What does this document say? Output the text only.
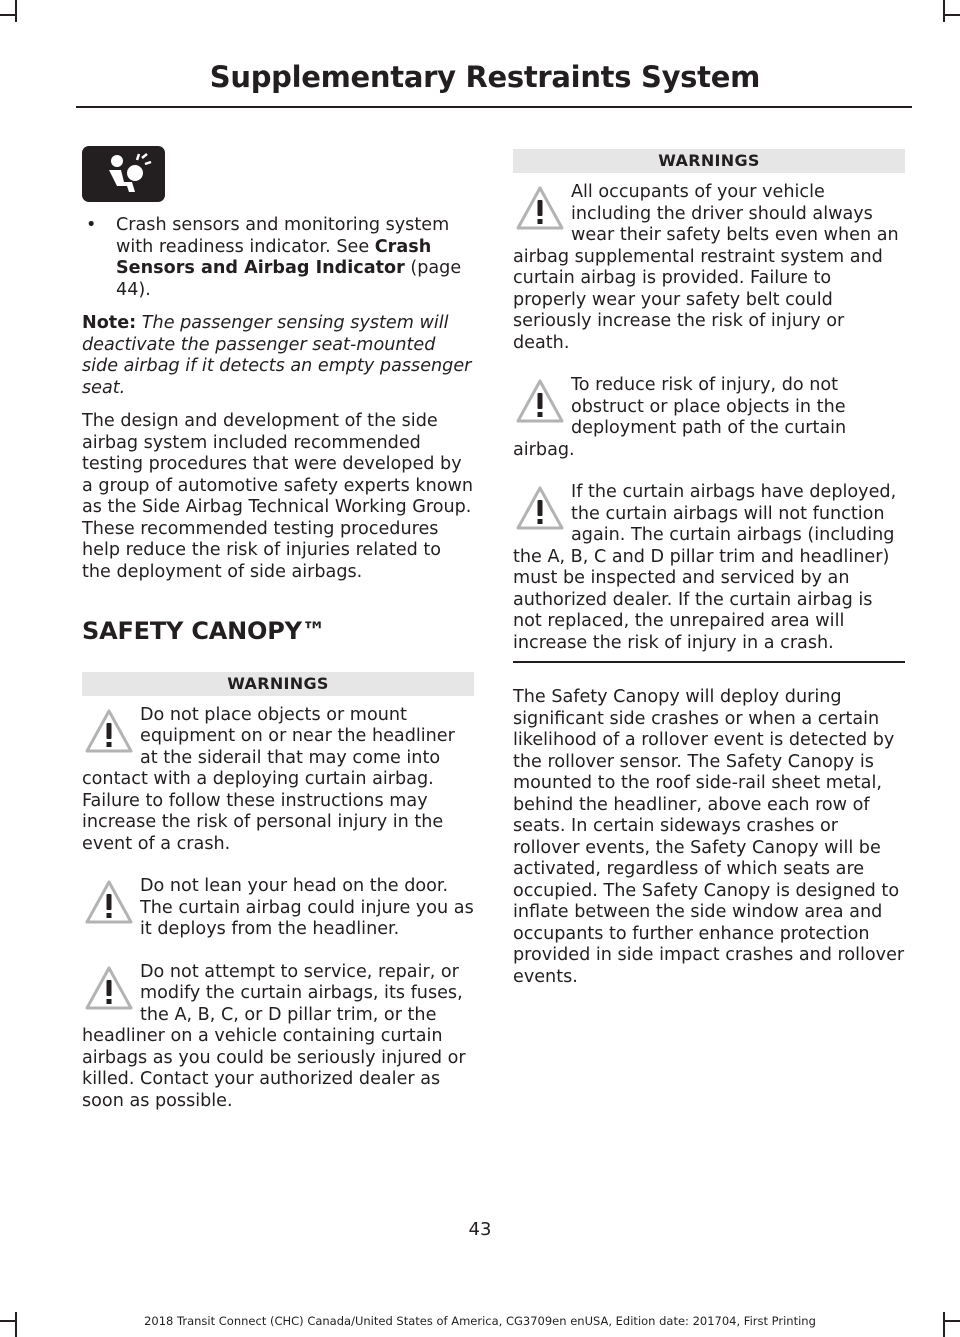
Supplementary Restraints System
• Crash sensors and monitoring system with readiness indicator. See Crash Sensors and Airbag Indicator (page 44).
Note: The passenger sensing system will deactivate the passenger seat-mounted side airbag if it detects an empty passenger seat.

The design and development of the side airbag system included recommended testing procedures that were developed by a group of automotive safety experts known as the Side Airbag Technical Working Group. These recommended testing procedures help reduce the risk of injuries related to the deployment of side airbags.

SAFETY CANOPY™
WARNINGS
Do not place objects or mount equipment on or near the headliner at the siderail that may come into contact with a deploying curtain airbag. Failure to follow these instructions may increase the risk of personal injury in the event of a crash.
Do not lean your head on the door. The curtain airbag could injure you as it deploys from the headliner.
Do not attempt to service, repair, or modify the curtain airbags, its fuses, the A, B, C, or D pillar trim, or the headliner on a vehicle containing curtain airbags as you could be seriously injured or killed. Contact your authorized dealer as soon as possible.
WARNINGS
All occupants of your vehicle including the driver should always wear their safety belts even when an airbag supplemental restraint system and curtain airbag is provided. Failure to properly wear your safety belt could seriously increase the risk of injury or death.
To reduce risk of injury, do not obstruct or place objects in the deployment path of the curtain airbag.
If the curtain airbags have deployed, the curtain airbags will not function again. The curtain airbags (including the A, B, C and D pillar trim and headliner) must be inspected and serviced by an authorized dealer. If the curtain airbag is not replaced, the unrepaired area will increase the risk of injury in a crash.

The Safety Canopy will deploy during significant side crashes or when a certain likelihood of a rollover event is detected by the rollover sensor. The Safety Canopy is mounted to the roof side-rail sheet metal, behind the headliner, above each row of seats. In certain sideways crashes or rollover events, the Safety Canopy will be activated, regardless of which seats are occupied. The Safety Canopy is designed to inflate between the side window area and occupants to further enhance protection provided in side impact crashes and rollover events.

43
2018 Transit Connect (CHC) Canada/United States of America, CG3709en enUSA, Edition date: 201704, First Printing
